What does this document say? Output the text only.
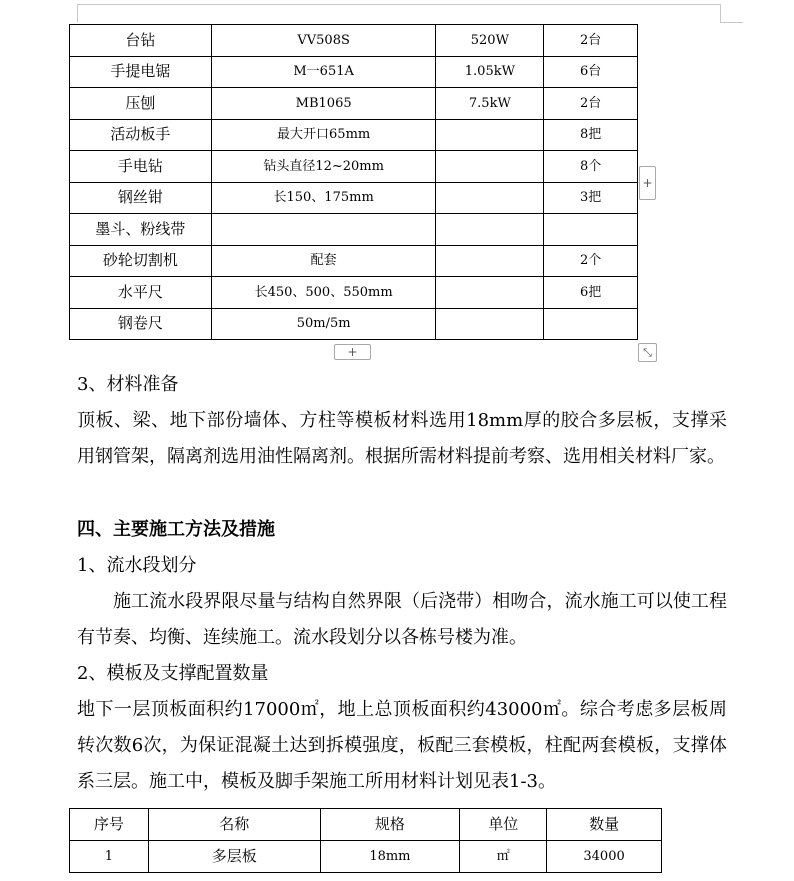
台钻	VV508S	520W	2台
手提电锯	M一651A	1.05kW	6台
压刨	MB1065	7.5kW	2台
活动板手	最大开口65mm		8把
手电钻	钻头直径12~20mm		8个
钢丝钳	长150、175mm		3把
墨斗、粉线带			
砂轮切割机	配套		2个
水平尺	长450、500、550mm		6把
钢卷尺	50m/5m		
+
+	⤡

3、材料准备

顶板、梁、地下部份墙体、方柱等模板材料选用18mm厚的胶合多层板，支撑采用钢管架，隔离剂选用油性隔离剂。根据所需材料提前考察、选用相关材料厂家。

四、主要施工方法及措施

1、流水段划分

施工流水段界限尽量与结构自然界限（后浇带）相吻合，流水施工可以使工程有节奏、均衡、连续施工。流水段划分以各栋号楼为准。

2、模板及支撑配置数量

地下一层顶板面积约17000㎡，地上总顶板面积约43000㎡。综合考虑多层板周转次数6次，为保证混凝土达到拆模强度，板配三套模板，柱配两套模板，支撑体系三层。施工中，模板及脚手架施工所用材料计划见表1-3。

序号	名称	规格	单位	数量
1	多层板	18mm	㎡	34000
